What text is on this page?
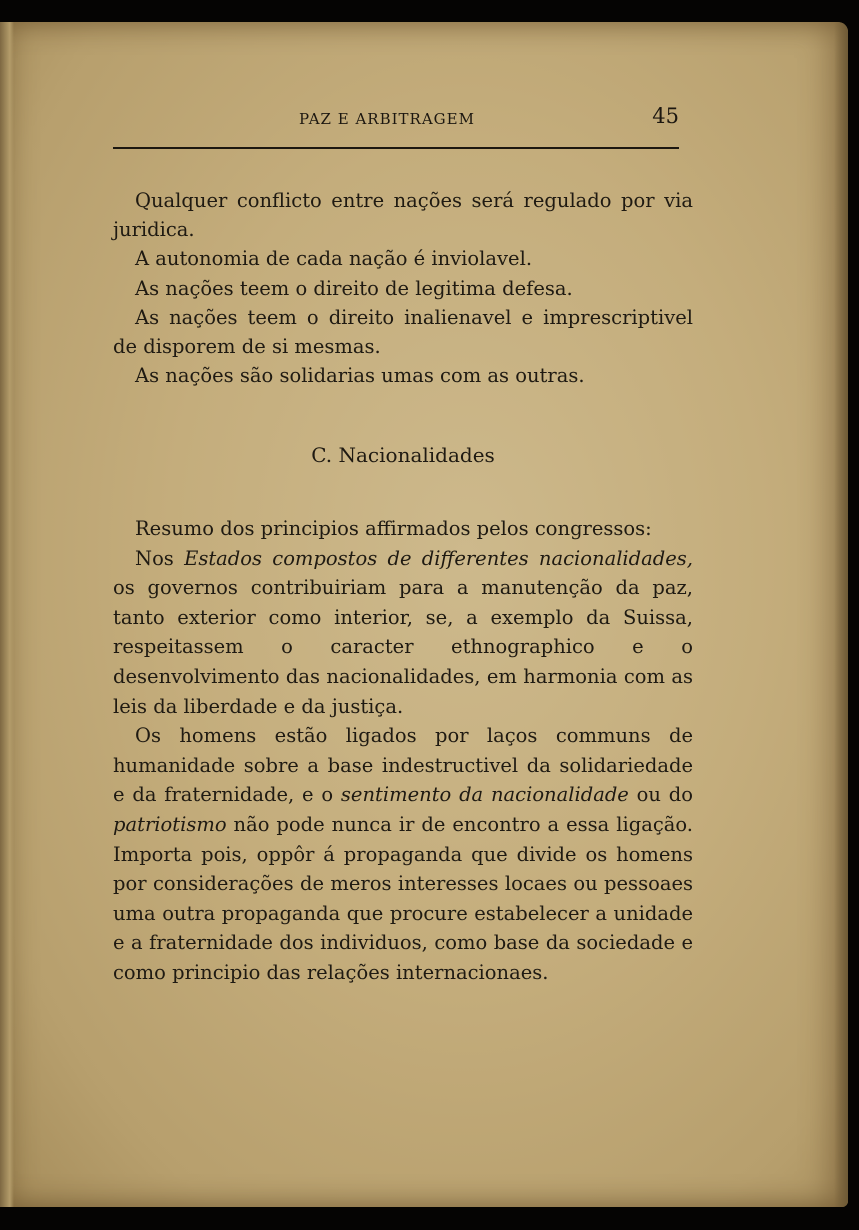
PAZ E ARBITRAGEM	45

Qualquer conflicto entre nações será regulado por via juridica.

A autonomia de cada nação é inviolavel.

As nações teem o direito de legitima defesa.

As nações teem o direito inalienavel e imprescriptivel de disporem de si mesmas.

As nações são solidarias umas com as outras.

C. Nacionalidades

Resumo dos principios affirmados pelos congressos:

Nos Estados compostos de differentes nacionalidades, os governos contribuiriam para a manutenção da paz, tanto exterior como interior, se, a exemplo da Suissa, respeitassem o caracter ethnographico e o desenvolvimento das nacionalidades, em harmonia com as leis da liberdade e da justiça.

Os homens estão ligados por laços communs de humanidade sobre a base indestructivel da solidariedade e da fraternidade, e o sentimento da nacionalidade ou do patriotismo não pode nunca ir de encontro a essa ligação. Importa pois, oppôr á propaganda que divide os homens por considerações de meros interesses locaes ou pessoaes uma outra propaganda que procure estabelecer a unidade e a fraternidade dos individuos, como base da sociedade e como principio das relações internacionaes.
